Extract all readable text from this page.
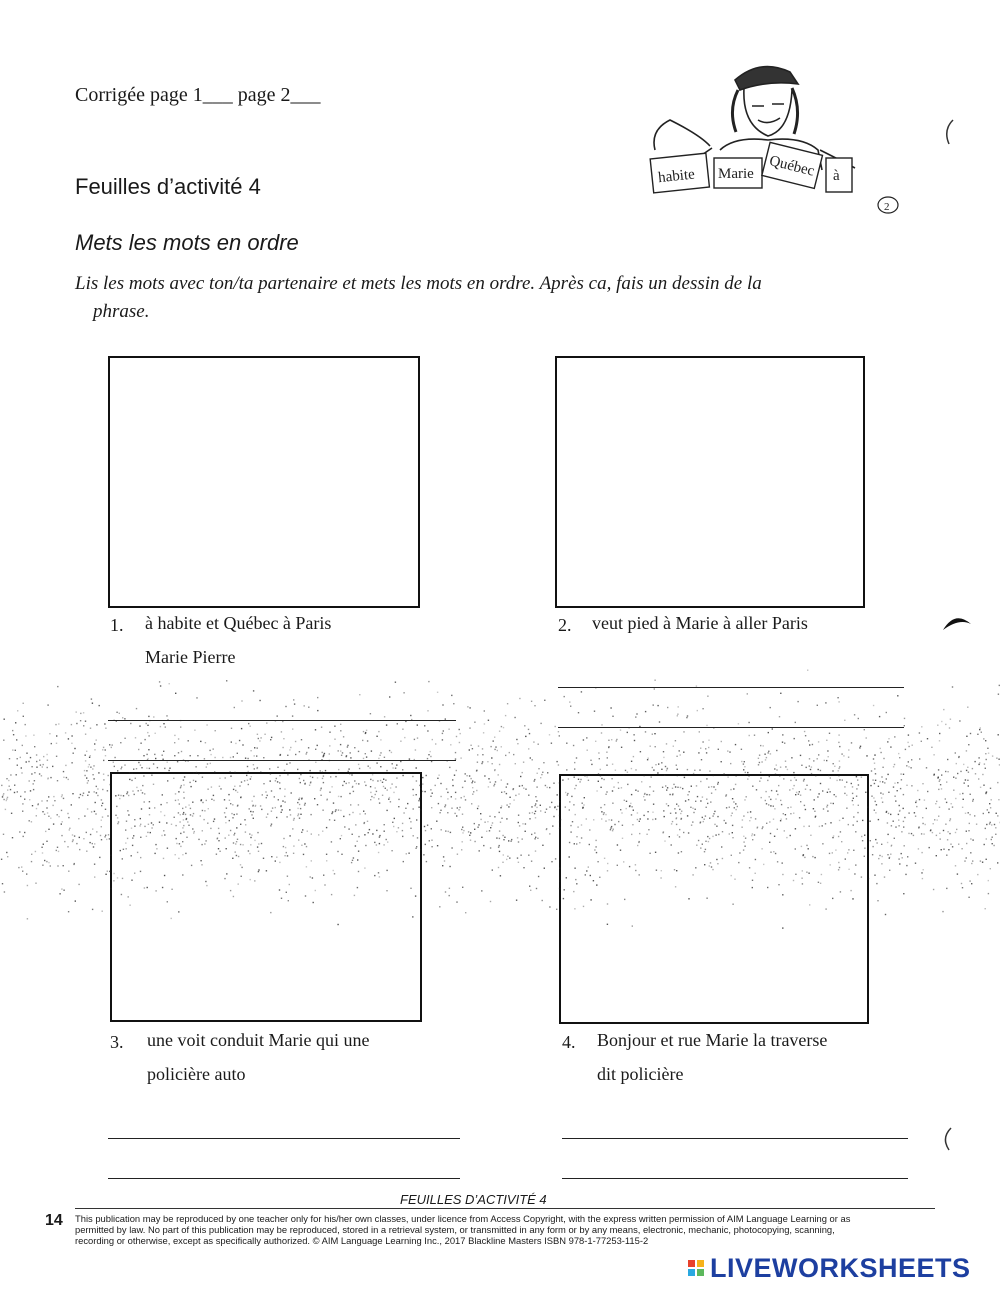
Corrigée page 1___ page 2___
Feuilles d’activité 4
Mets les mots en ordre
Lis les mots avec ton/ta partenaire et mets les mots en ordre. Après ca, fais un dessin de la
phrase.
habite Marie Québec à
2
1. à habite et Québec à Paris
Marie Pierre
2. veut pied à Marie à aller Paris
3. une voit conduit Marie qui une
policière auto
4. Bonjour et rue Marie la traverse
dit policière
FEUILLES D’ACTIVITÉ 4
14 This publication may be reproduced by one teacher only for his/her own classes, under licence from Access Copyright, with the express written permission of AIM Language Learning or as permitted by law. No part of this publication may be reproduced, stored in a retrieval system, or transmitted in any form or by any means, electronic, mechanic, photocopying, scanning, recording or otherwise, except as specifically authorized. © AIM Language Learning Inc., 2017 Blackline Masters ISBN 978-1-77253-115-2
LIVEWORKSHEETS
